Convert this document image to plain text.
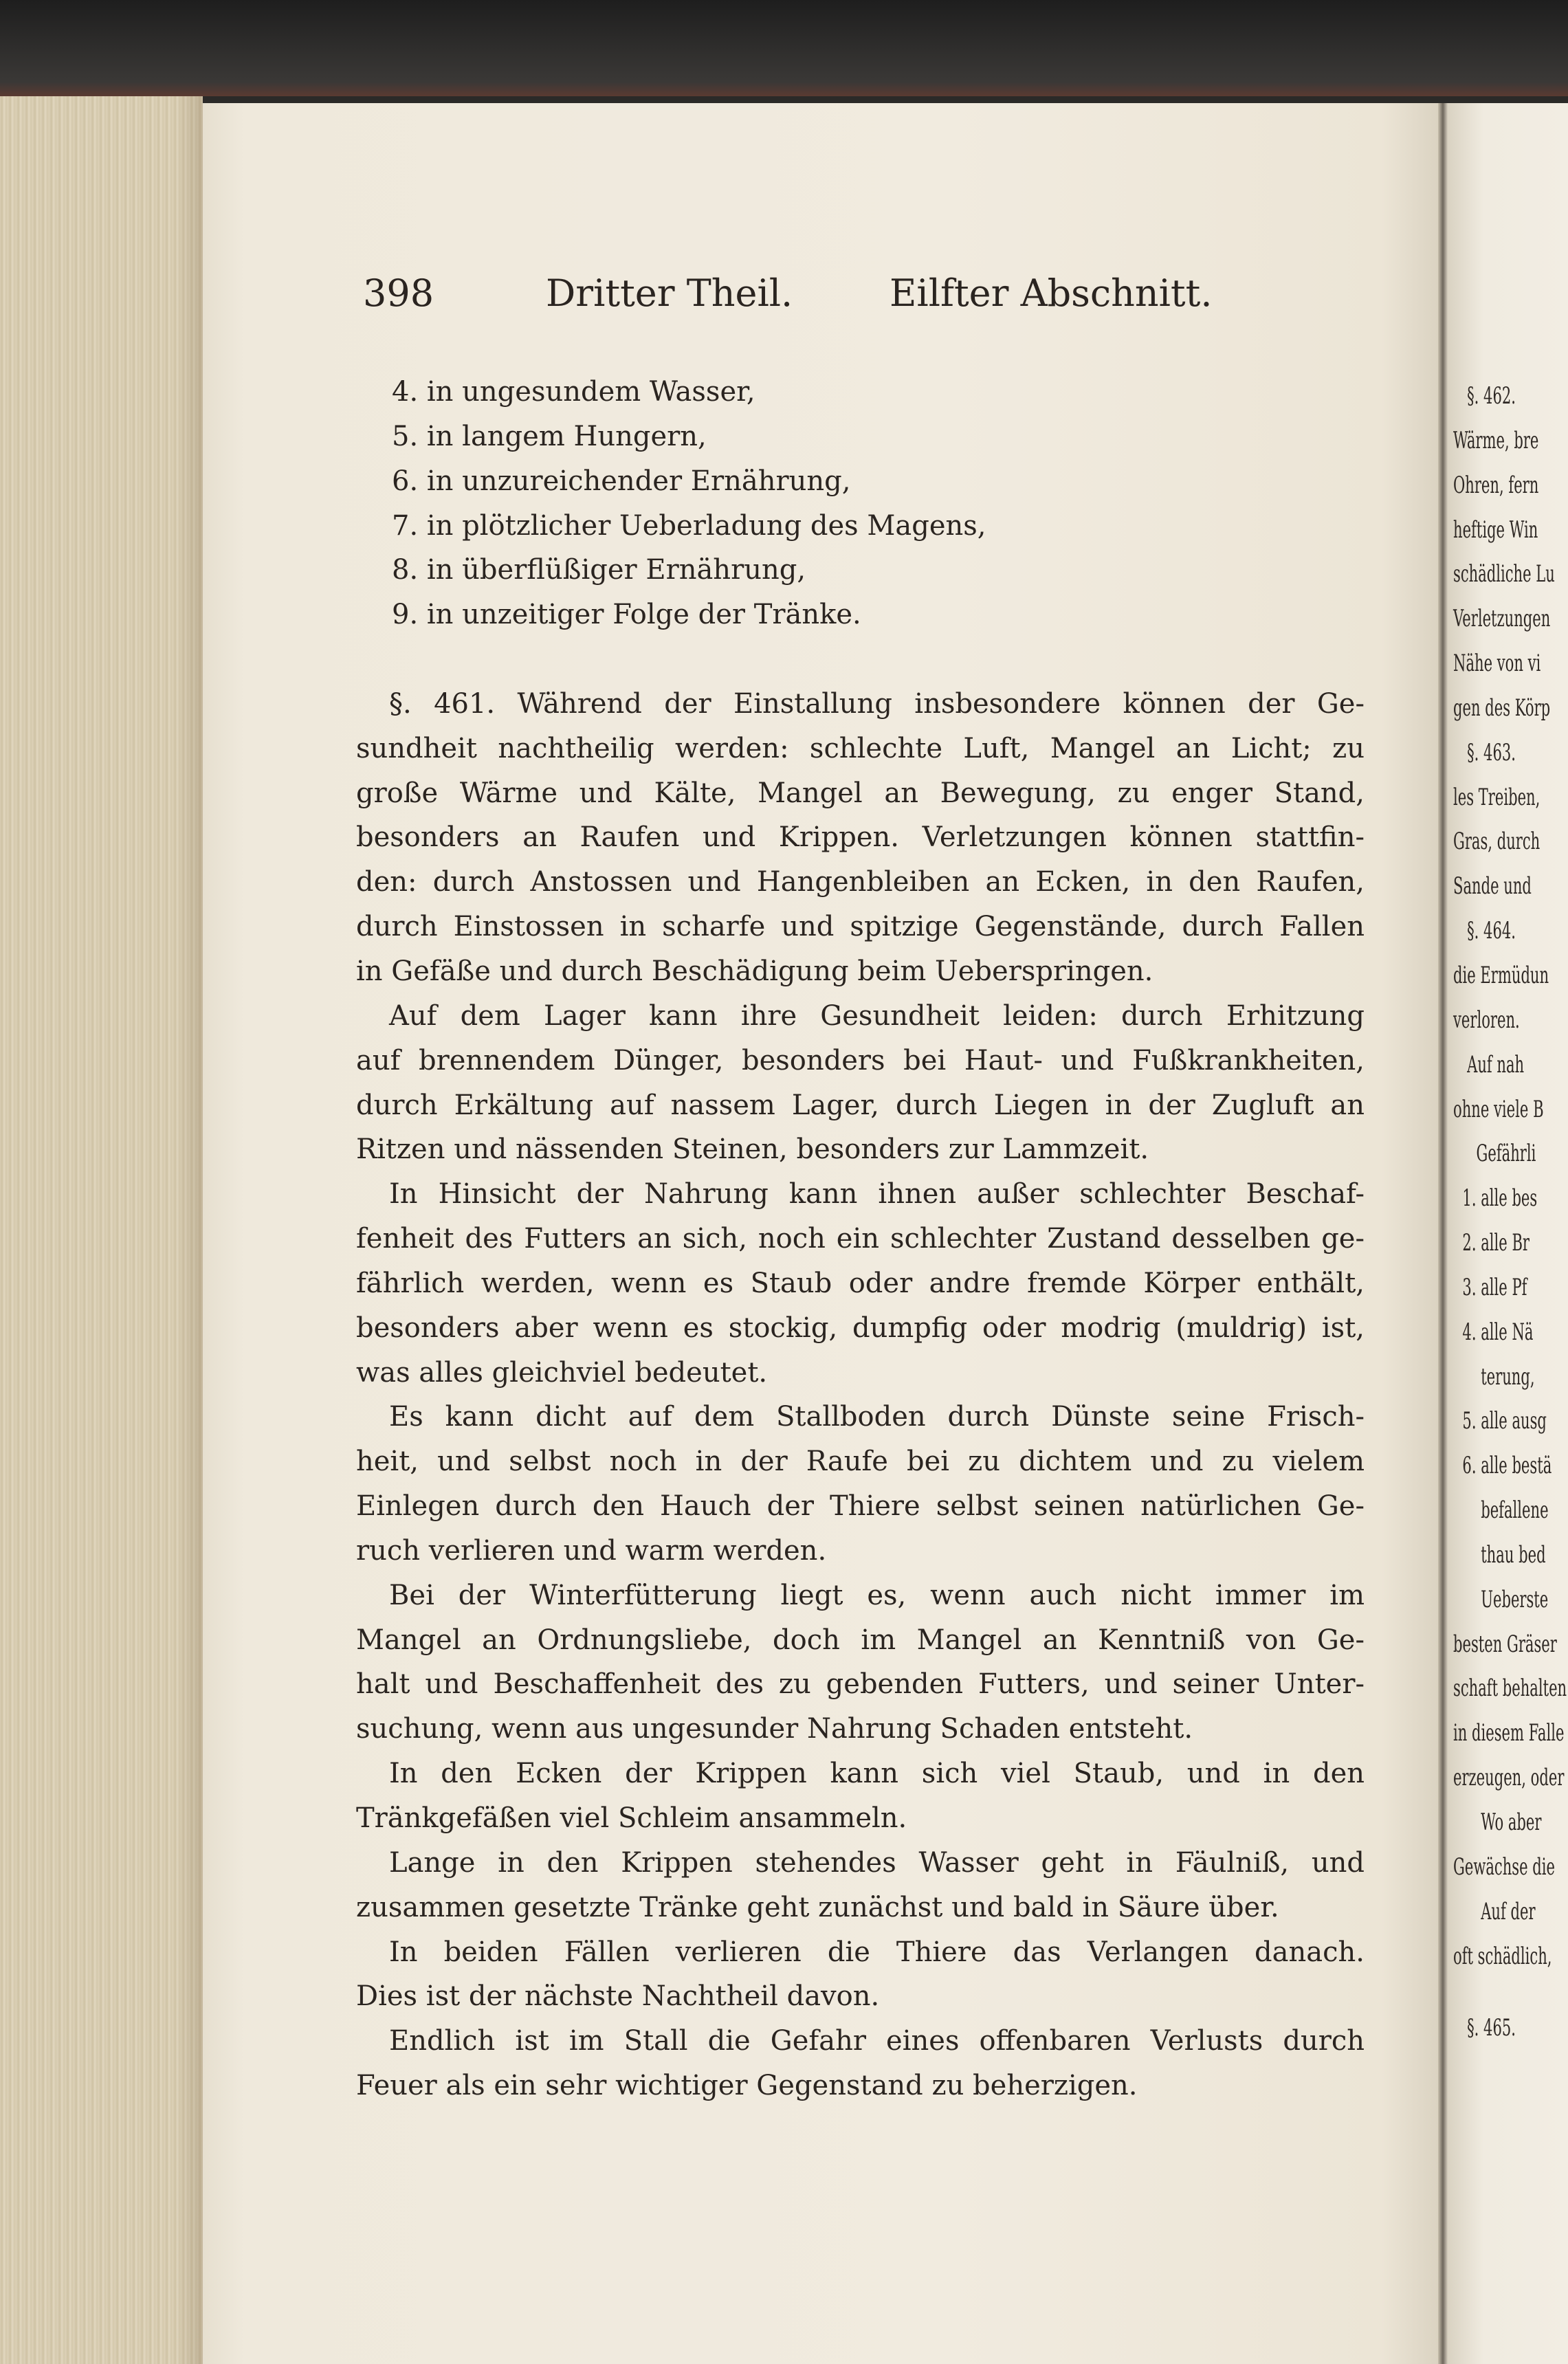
§. 462.
Wärme, bre
Ohren, fern
heftige Win
schädliche Lu
Verletzungen
Nähe von vi
gen des Körp
§. 463.
les Treiben,
Gras, durch
Sande und
§. 464.
die Ermüdun
verloren.
Auf nah
ohne viele B
Gefährli
1. alle bes
2. alle Br
3. alle Pf
4. alle Nä
terung,
5. alle ausg
6. alle bestä
befallene
thau bed
Ueberste
besten Gräser
schaft behalten
in diesem Falle
erzeugen, oder
Wo aber
Gewächse die
Auf der
oft schädlich,
§. 465.
398	Dritter Theil.	Eilfter Abschnitt.
4. in ungesundem Wasser,
5. in langem Hungern,
6. in unzureichender Ernährung,
7. in plötzlicher Ueberladung des Magens,
8. in überflüßiger Ernährung,
9. in unzeitiger Folge der Tränke.
§. 461. Während der Einstallung insbesondere können der Ge-
sundheit nachtheilig werden: schlechte Luft, Mangel an Licht; zu
große Wärme und Kälte, Mangel an Bewegung, zu enger Stand,
besonders an Raufen und Krippen. Verletzungen können stattfin-
den: durch Anstossen und Hangenbleiben an Ecken, in den Raufen,
durch Einstossen in scharfe und spitzige Gegenstände, durch Fallen
in Gefäße und durch Beschädigung beim Ueberspringen.
Auf dem Lager kann ihre Gesundheit leiden: durch Erhitzung
auf brennendem Dünger, besonders bei Haut- und Fußkrankheiten,
durch Erkältung auf nassem Lager, durch Liegen in der Zugluft an
Ritzen und nässenden Steinen, besonders zur Lammzeit.
In Hinsicht der Nahrung kann ihnen außer schlechter Beschaf-
fenheit des Futters an sich, noch ein schlechter Zustand desselben ge-
fährlich werden, wenn es Staub oder andre fremde Körper enthält,
besonders aber wenn es stockig, dumpfig oder modrig (muldrig) ist,
was alles gleichviel bedeutet.
Es kann dicht auf dem Stallboden durch Dünste seine Frisch-
heit, und selbst noch in der Raufe bei zu dichtem und zu vielem
Einlegen durch den Hauch der Thiere selbst seinen natürlichen Ge-
ruch verlieren und warm werden.
Bei der Winterfütterung liegt es, wenn auch nicht immer im
Mangel an Ordnungsliebe, doch im Mangel an Kenntniß von Ge-
halt und Beschaffenheit des zu gebenden Futters, und seiner Unter-
suchung, wenn aus ungesunder Nahrung Schaden entsteht.
In den Ecken der Krippen kann sich viel Staub, und in den
Tränkgefäßen viel Schleim ansammeln.
Lange in den Krippen stehendes Wasser geht in Fäulniß, und
zusammen gesetzte Tränke geht zunächst und bald in Säure über.
In beiden Fällen verlieren die Thiere das Verlangen danach.
Dies ist der nächste Nachtheil davon.
Endlich ist im Stall die Gefahr eines offenbaren Verlusts durch
Feuer als ein sehr wichtiger Gegenstand zu beherzigen.
